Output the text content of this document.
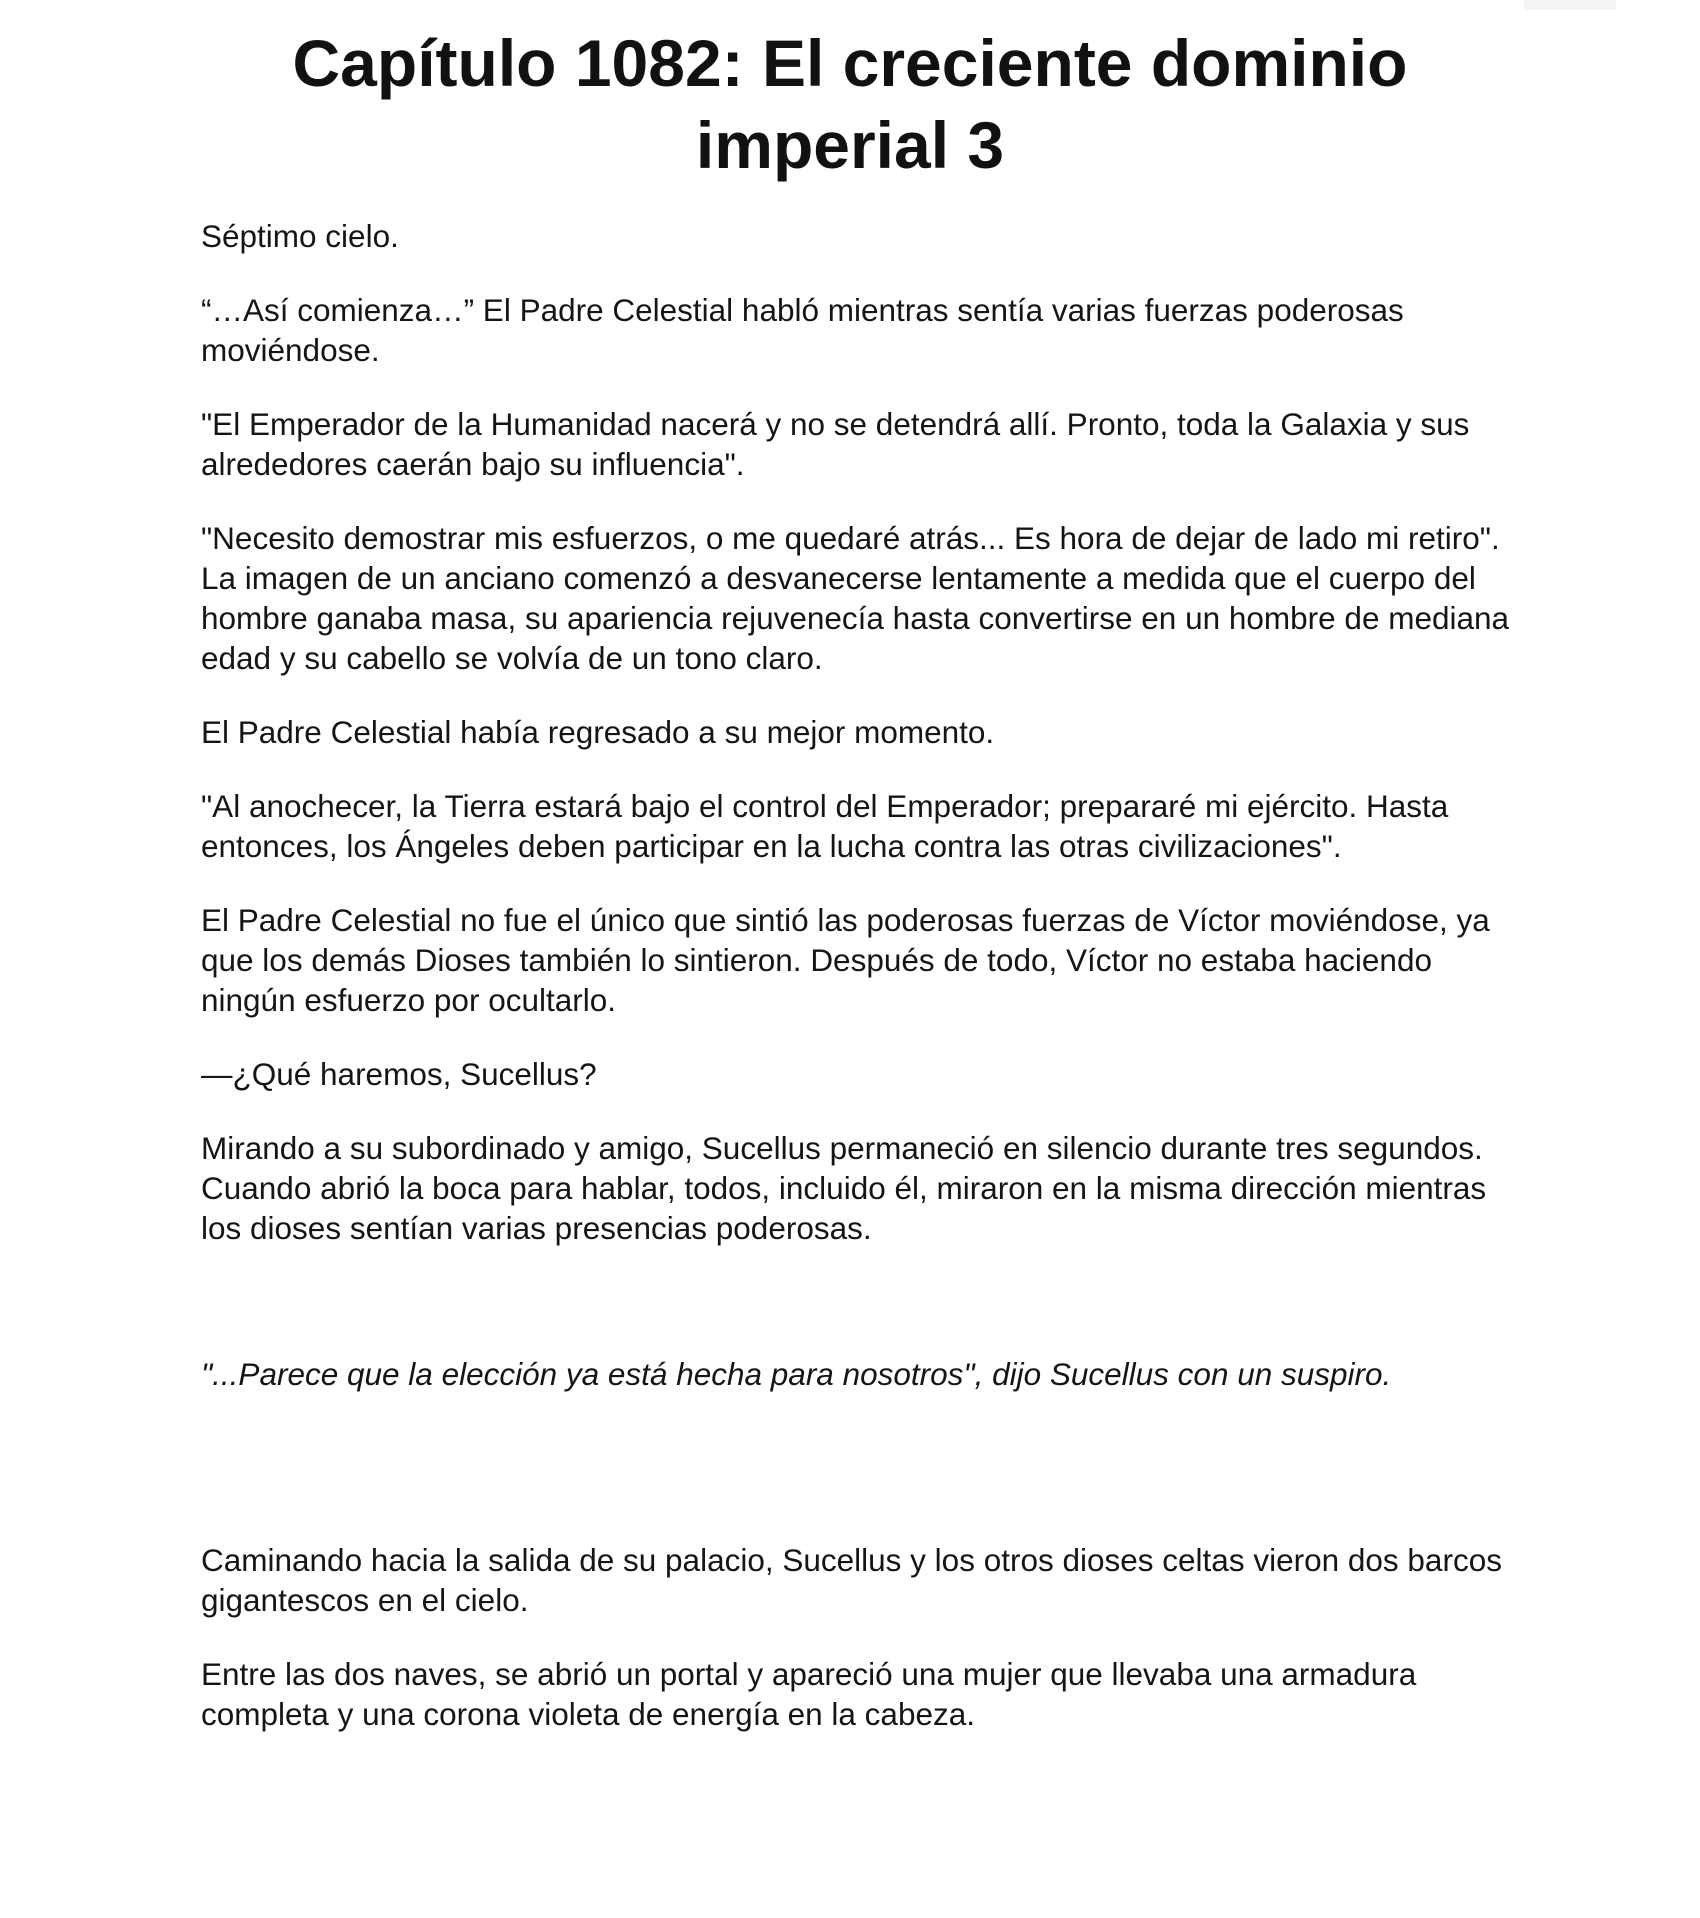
Capítulo 1082: El creciente dominio imperial 3

Séptimo cielo.

“…Así comienza…” El Padre Celestial habló mientras sentía varias fuerzas poderosas moviéndose.

"El Emperador de la Humanidad nacerá y no se detendrá allí. Pronto, toda la Galaxia y sus alrededores caerán bajo su influencia".

"Necesito demostrar mis esfuerzos, o me quedaré atrás... Es hora de dejar de lado mi retiro". La imagen de un anciano comenzó a desvanecerse lentamente a medida que el cuerpo del hombre ganaba masa, su apariencia rejuvenecía hasta convertirse en un hombre de mediana edad y su cabello se volvía de un tono claro.

El Padre Celestial había regresado a su mejor momento.

"Al anochecer, la Tierra estará bajo el control del Emperador; prepararé mi ejército. Hasta entonces, los Ángeles deben participar en la lucha contra las otras civilizaciones".

El Padre Celestial no fue el único que sintió las poderosas fuerzas de Víctor moviéndose, ya que los demás Dioses también lo sintieron. Después de todo, Víctor no estaba haciendo ningún esfuerzo por ocultarlo.

—¿Qué haremos, Sucellus?

Mirando a su subordinado y amigo, Sucellus permaneció en silencio durante tres segundos. Cuando abrió la boca para hablar, todos, incluido él, miraron en la misma dirección mientras los dioses sentían varias presencias poderosas.

"...Parece que la elección ya está hecha para nosotros", dijo Sucellus con un suspiro.

Caminando hacia la salida de su palacio, Sucellus y los otros dioses celtas vieron dos barcos gigantescos en el cielo.

Entre las dos naves, se abrió un portal y apareció una mujer que llevaba una armadura completa y una corona violeta de energía en la cabeza.
